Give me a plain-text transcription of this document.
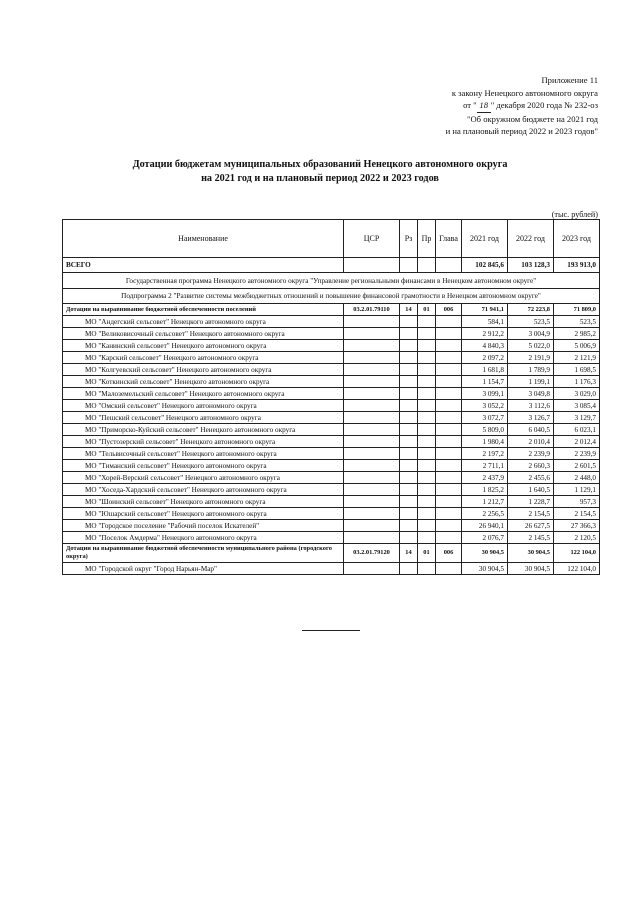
Приложение 11
к закону Ненецкого автономного округа
от " 18 " декабря 2020 года № 232-оз
"Об окружном бюджете на 2021 год
и на плановый период 2022 и 2023 годов"
Дотации бюджетам муниципальных образований Ненецкого автономного округа
на 2021 год и на плановый период 2022 и 2023 годов
(тыс. рублей)
Наименование	ЦСР	Рз	Пр	Глава	2021 год	2022 год	2023 год
ВСЕГО					102 845,6	103 128,3	193 913,0
Государственная программа Ненецкого автономного округа "Управление региональными финансами в Ненецком автономном округе"							
Подпрограмма 2 "Развитие системы межбюджетных отношений и повышение финансовой грамотности в Ненецком автономном округе"							
Дотации на выравнивание бюджетной обеспеченности поселений	03.2.01.79110	14	01	006	71 941,1	72 223,8	71 809,0
МО "Андегский сельсовет" Ненецкого автономного округа					584,1	523,5	523,5
МО "Великовисочный сельсовет" Ненецкого автономного округа					2 912,2	3 004,9	2 985,2
МО "Канинский сельсовет" Ненецкого автономного округа					4 840,3	5 022,0	5 006,9
МО "Карский сельсовет" Ненецкого автономного округа					2 097,2	2 191,9	2 121,9
МО "Колгуевский сельсовет" Ненецкого автономного округа					1 681,8	1 789,9	1 698,5
МО "Коткинский сельсовет" Ненецкого автономного округа					1 154,7	1 199,1	1 176,3
МО "Малоземельский сельсовет" Ненецкого автономного округа					3 099,1	3 049,8	3 029,0
МО "Омский сельсовет" Ненецкого автономного округа					3 052,2	3 112,6	3 085,4
МО "Пешский сельсовет" Ненецкого автономного округа					3 072,7	3 126,7	3 129,7
МО "Приморско-Куйский сельсовет" Ненецкого автономного округа					5 809,0	6 040,5	6 023,1
МО "Пустозерский сельсовет" Ненецкого автономного округа					1 980,4	2 010,4	2 012,4
МО "Тельвисочный сельсовет" Ненецкого автономного округа					2 197,2	2 239,9	2 239,9
МО "Тиманский сельсовет" Ненецкого автономного округа					2 711,1	2 660,3	2 601,5
МО "Хорей-Верский сельсовет" Ненецкого автономного округа					2 437,9	2 455,6	2 448,0
МО "Хоседа-Хардский сельсовет" Ненецкого автономного округа					1 825,2	1 640,5	1 129,1
МО "Шоинский сельсовет" Ненецкого автономного округа					1 212,7	1 228,7	957,3
МО "Юшарский сельсовет" Ненецкого автономного округа					2 256,5	2 154,5	2 154,5
МО "Городское поселение "Рабочий поселок Искателей"					26 940,1	26 627,5	27 366,3
МО "Поселок Амдерма" Ненецкого автономного округа					2 076,7	2 145,5	2 120,5
Дотации на выравнивание бюджетной обеспеченности муниципального района (городского округа)	03.2.01.79120	14	01	006	30 904,5	30 904,5	122 104,0
МО "Городской округ "Город Нарьян-Мар"					30 904,5	30 904,5	122 104,0
